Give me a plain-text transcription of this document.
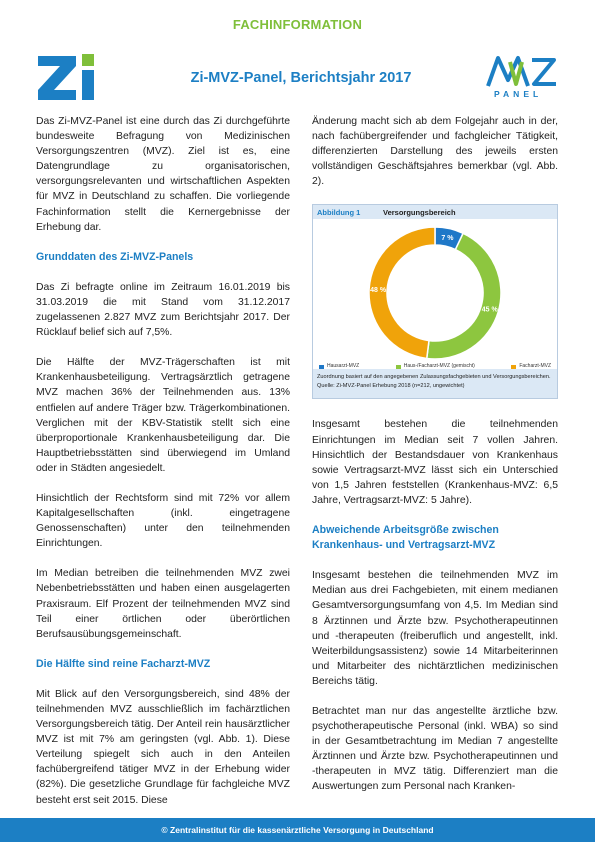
FACHINFORMATION
Zi-MVZ-Panel, Berichtsjahr 2017
PANEL

Das Zi-MVZ-Panel ist eine durch das Zi durchgeführte bundesweite Befragung von Medizinischen Versorgungszentren (MVZ). Ziel ist es, eine Datengrundlage zu organisatorischen, versorgungsrelevanten und wirtschaftlichen Aspekten für MVZ in Deutschland zu schaffen. Die vorliegende Fachinformation stellt die Kernergebnisse der Erhebung dar.

Grunddaten des Zi-MVZ-Panels

Das Zi befragte online im Zeitraum 16.01.2019 bis 31.03.2019 die mit Stand vom 31.12.2017 zugelassenen 2.827 MVZ zum Berichtsjahr 2017. Der Rücklauf belief sich auf 7,5%.

Die Hälfte der MVZ-Trägerschaften ist mit Krankenhausbeteiligung. Vertragsärztlich getragene MVZ machen 36% der Teilnehmenden aus. 13% entfielen auf andere Träger bzw. Trägerkombinationen. Verglichen mit der KBV-Statistik stellt sich eine überproportionale Krankenhausbeteiligung dar. Die Hauptbetriebsstätten sind überwiegend im Umland oder in Städten angesiedelt.

Hinsichtlich der Rechtsform sind mit 72% vor allem Kapitalgesellschaften (inkl. eingetragene Genossenschaften) unter den teilnehmenden Einrichtungen.

Im Median betreiben die teilnehmenden MVZ zwei Nebenbetriebsstätten und haben einen ausgelagerten Praxisraum. Elf Prozent der teilnehmenden MVZ sind Teil einer örtlichen oder überörtlichen Berufsausübungsgemeinschaft.

Die Hälfte sind reine Facharzt-MVZ

Mit Blick auf den Versorgungsbereich, sind 48% der teilnehmenden MVZ ausschließlich im fachärztlichen Versorgungsbereich tätig. Der Anteil rein hausärztlicher MVZ ist mit 7% am geringsten (vgl. Abb. 1). Diese Verteilung spiegelt sich auch in den Anteilen fachübergreifend tätiger MVZ in der Erhebung wider (82%). Die gesetzliche Grundlage für fachgleiche MVZ besteht erst seit 2015. Diese

Änderung macht sich ab dem Folgejahr auch in der, nach fachübergreifender und fachgleicher Tätigkeit, differenzierten Darstellung des jeweils ersten vollständigen Geschäftsjahres bemerkbar (vgl. Abb. 2).

Abbildung 1	Versorgungsbereich
7 %
45 %
48 %
Hausarzt-MVZ	Haus-/Facharzt-MVZ (gemischt)	Facharzt-MVZ
Zuordnung basiert auf den angegebenen Zulassungsfachgebieten und Versorgungsbereichen. Quelle: Zi-MVZ-Panel Erhebung 2018 (n=212, ungewichtet)

Insgesamt bestehen die teilnehmenden Einrichtungen im Median seit 7 vollen Jahren. Hinsichtlich der Bestandsdauer von Krankenhaus sowie Vertragsarzt-MVZ lässt sich ein Unterschied von 1,5 Jahren feststellen (Krankenhaus-MVZ: 6,5 Jahre, Vertragsarzt-MVZ: 5 Jahre).

Abweichende Arbeitsgröße zwischen Krankenhaus- und Vertragsarzt-MVZ

Insgesamt bestehen die teilnehmenden MVZ im Median aus drei Fachgebieten, mit einem medianen Gesamtversorgungsumfang von 4,5. Im Median sind 8 Ärztinnen und Ärzte bzw. Psychotherapeutinnen und -therapeuten (freiberuflich und angestellt, inkl. Weiterbildungsassistenz) sowie 14 Mitarbeiterinnen und Mitarbeiter des nichtärztlichen medizinischen Bereichs tätig.

Betrachtet man nur das angestellte ärztliche bzw. psychotherapeutische Personal (inkl. WBA) so sind in der Gesamtbetrachtung im Median 7 angestellte Ärztinnen und Ärzte bzw. Psychotherapeutinnen und -therapeuten in MVZ tätig. Differenziert man die Auswertungen zum Personal nach Kranken-

© Zentralinstitut für die kassenärztliche Versorgung in Deutschland
